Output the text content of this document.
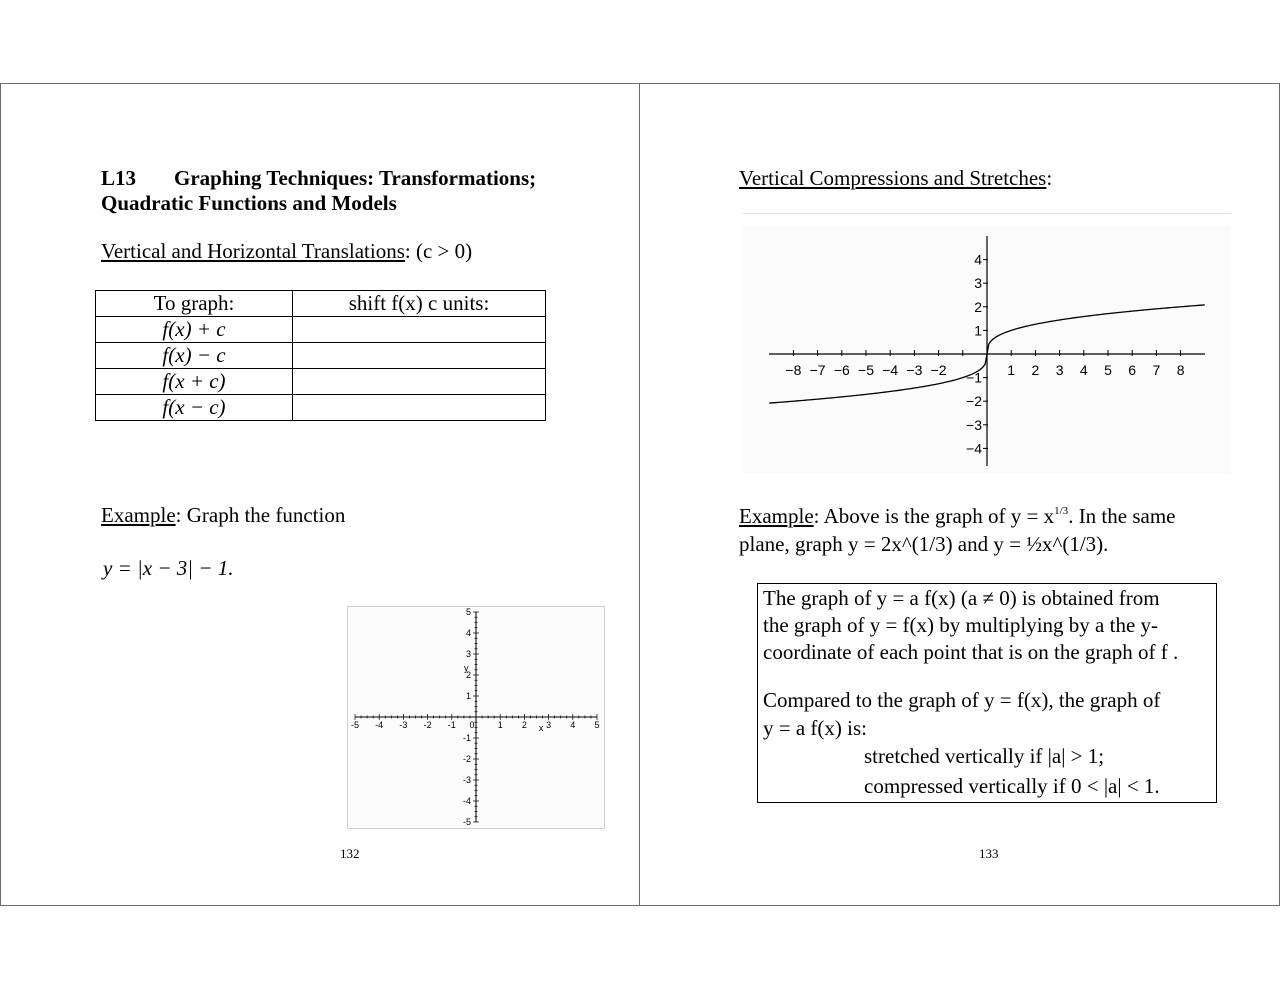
L13 Graphing Techniques: Transformations;
Quadratic Functions and Models
Vertical and Horizontal Translations: (c > 0)
To graph:	shift f(x) c units:
f(x) + c	
f(x) − c	
f(x + c)	
f(x − c)	
Example: Graph the function
y = |x − 3| − 1.
-5 -4 -3 -2 -1 0	1 2 3 4 5
5
4
3
2
1
-1
-2
-3
-4
-5
x
y
132
Vertical Compressions and Stretches:
−8 −7 −6 −5 −4 −3 −2	1 2 3 4 5 6 7 8
4
3
2
1
−1
−2
−3
−4
Example: Above is the graph of $y = x^{1/3}$. In the same
plane, graph y = 2x^(1/3) and y = ½x^(1/3).
The graph of y = a f(x) (a ≠ 0) is obtained from
the graph of y = f(x) by multiplying by a the y-
coordinate of each point that is on the graph of f .
Compared to the graph of y = f(x), the graph of
y = a f(x) is:
stretched vertically if |a| > 1;
compressed vertically if 0 < |a| < 1.
133
